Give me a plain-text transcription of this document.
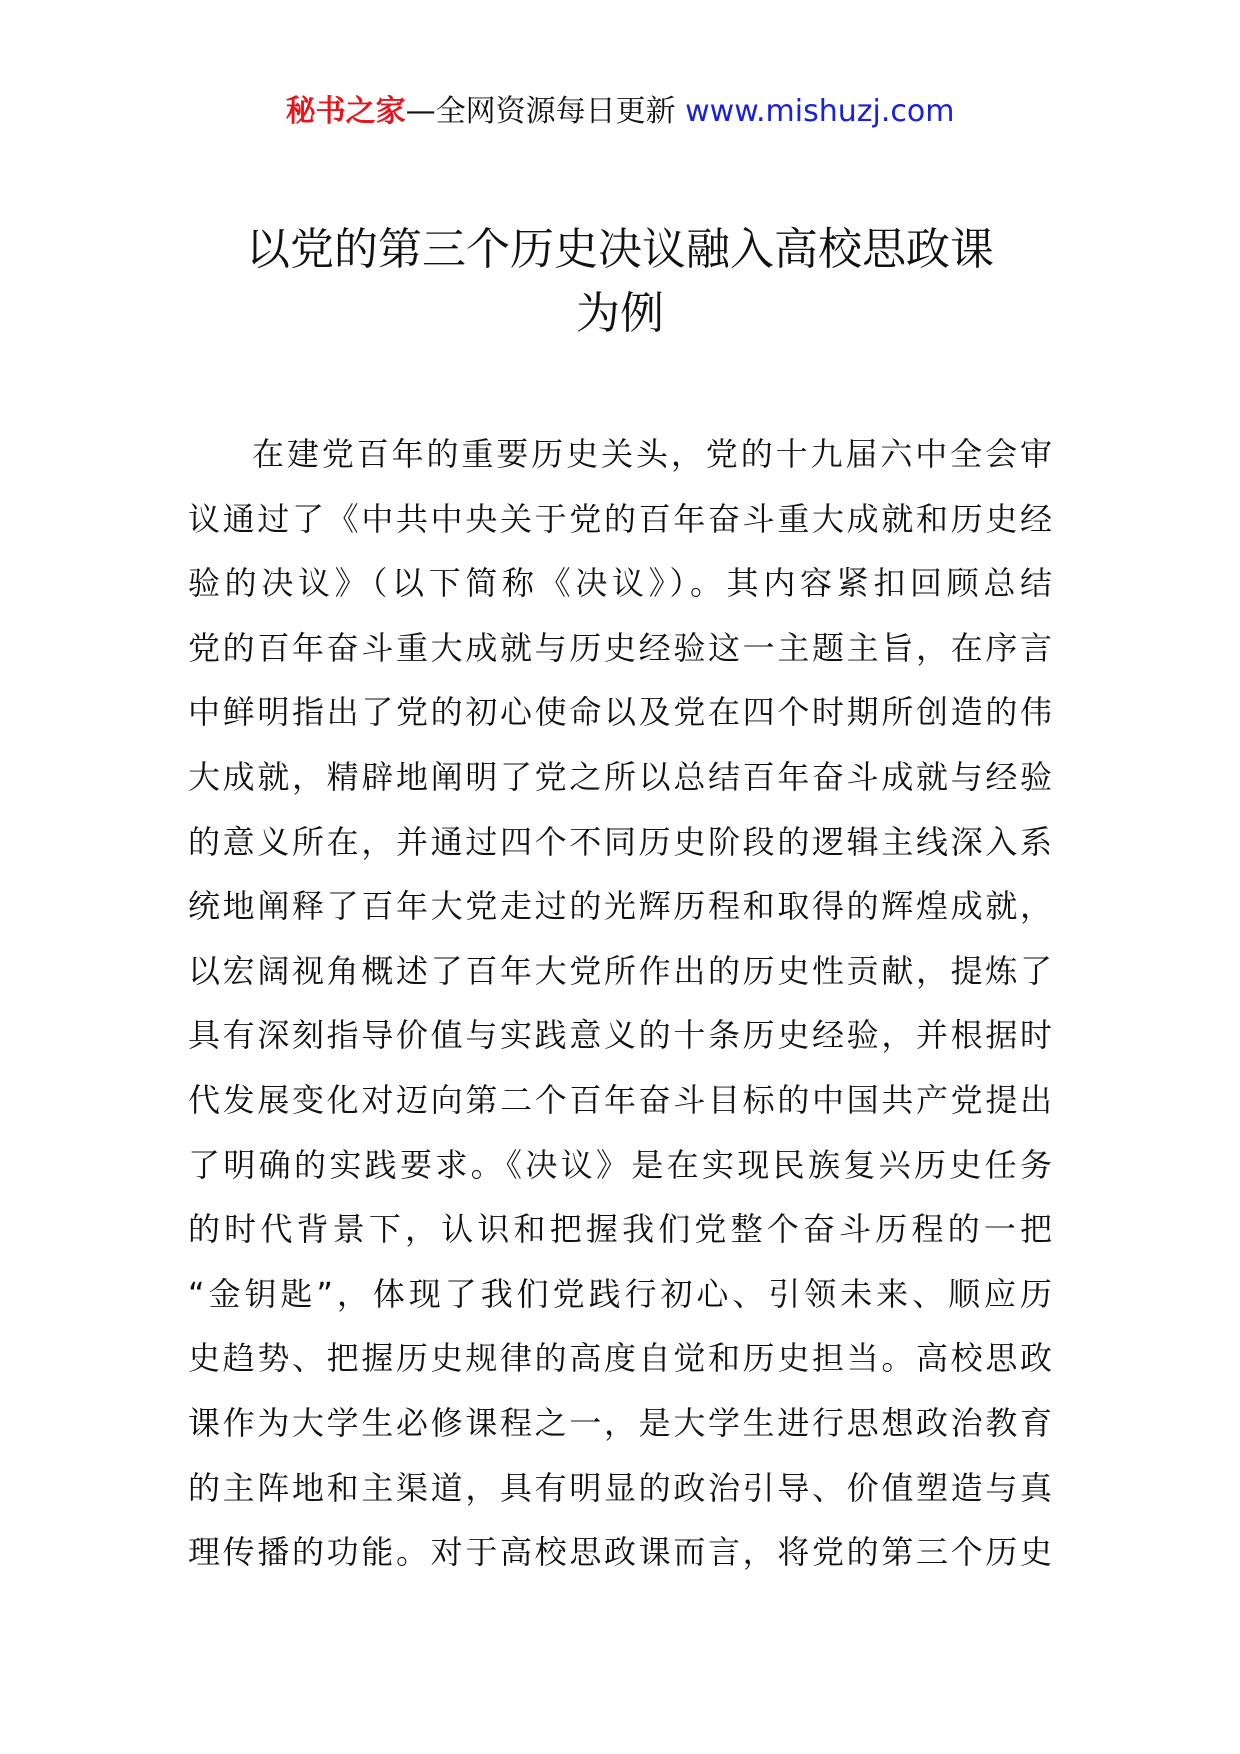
秘书之家—全网资源每日更新 www.mishuzj.com
以党的第三个历史决议融入高校思政课
为例
在建党百年的重要历史关头，党的十九届六中全会审
议通过了《中共中央关于党的百年奋斗重大成就和历史经
验的决议》（以下简称《决议》）。其内容紧扣回顾总结
党的百年奋斗重大成就与历史经验这一主题主旨，在序言
中鲜明指出了党的初心使命以及党在四个时期所创造的伟
大成就，精辟地阐明了党之所以总结百年奋斗成就与经验
的意义所在，并通过四个不同历史阶段的逻辑主线深入系
统地阐释了百年大党走过的光辉历程和取得的辉煌成就，
以宏阔视角概述了百年大党所作出的历史性贡献，提炼了
具有深刻指导价值与实践意义的十条历史经验，并根据时
代发展变化对迈向第二个百年奋斗目标的中国共产党提出
了明确的实践要求。《决议》是在实现民族复兴历史任务
的时代背景下，认识和把握我们党整个奋斗历程的一把
“金钥匙”，体现了我们党践行初心、引领未来、顺应历
史趋势、把握历史规律的高度自觉和历史担当。高校思政
课作为大学生必修课程之一，是大学生进行思想政治教育
的主阵地和主渠道，具有明显的政治引导、价值塑造与真
理传播的功能。对于高校思政课而言，将党的第三个历史
